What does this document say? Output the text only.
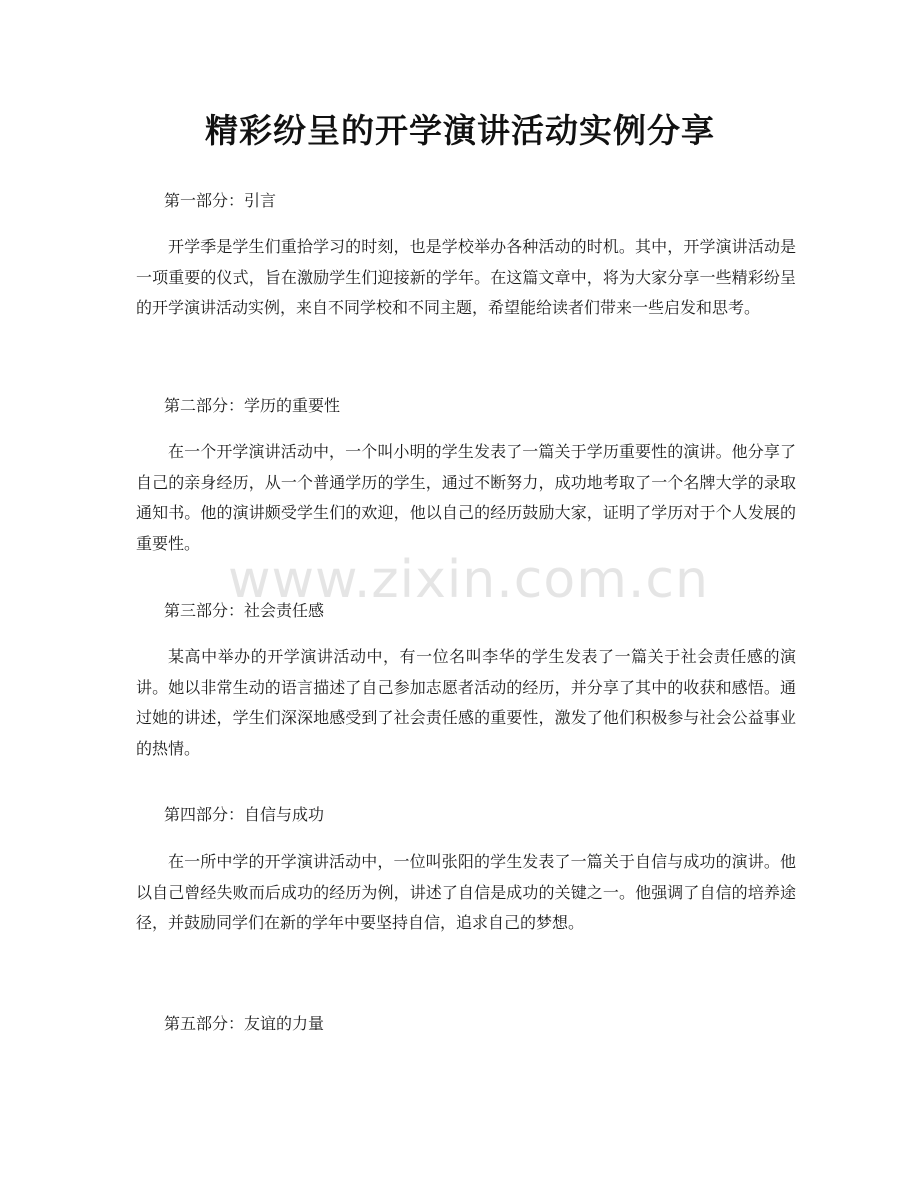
精彩纷呈的开学演讲活动实例分享
第一部分：引言

开学季是学生们重拾学习的时刻，也是学校举办各种活动的时机。其中，开学演讲活动是一项重要的仪式，旨在激励学生们迎接新的学年。在这篇文章中，将为大家分享一些精彩纷呈的开学演讲活动实例，来自不同学校和不同主题，希望能给读者们带来一些启发和思考。

第二部分：学历的重要性

在一个开学演讲活动中，一个叫小明的学生发表了一篇关于学历重要性的演讲。他分享了自己的亲身经历，从一个普通学历的学生，通过不断努力，成功地考取了一个名牌大学的录取通知书。他的演讲颇受学生们的欢迎，他以自己的经历鼓励大家，证明了学历对于个人发展的重要性。

第三部分：社会责任感

某高中举办的开学演讲活动中，有一位名叫李华的学生发表了一篇关于社会责任感的演讲。她以非常生动的语言描述了自己参加志愿者活动的经历，并分享了其中的收获和感悟。通过她的讲述，学生们深深地感受到了社会责任感的重要性，激发了他们积极参与社会公益事业的热情。

第四部分：自信与成功

在一所中学的开学演讲活动中，一位叫张阳的学生发表了一篇关于自信与成功的演讲。他以自己曾经失败而后成功的经历为例，讲述了自信是成功的关键之一。他强调了自信的培养途径，并鼓励同学们在新的学年中要坚持自信，追求自己的梦想。

第五部分：友谊的力量
www.zixin.com.cn
